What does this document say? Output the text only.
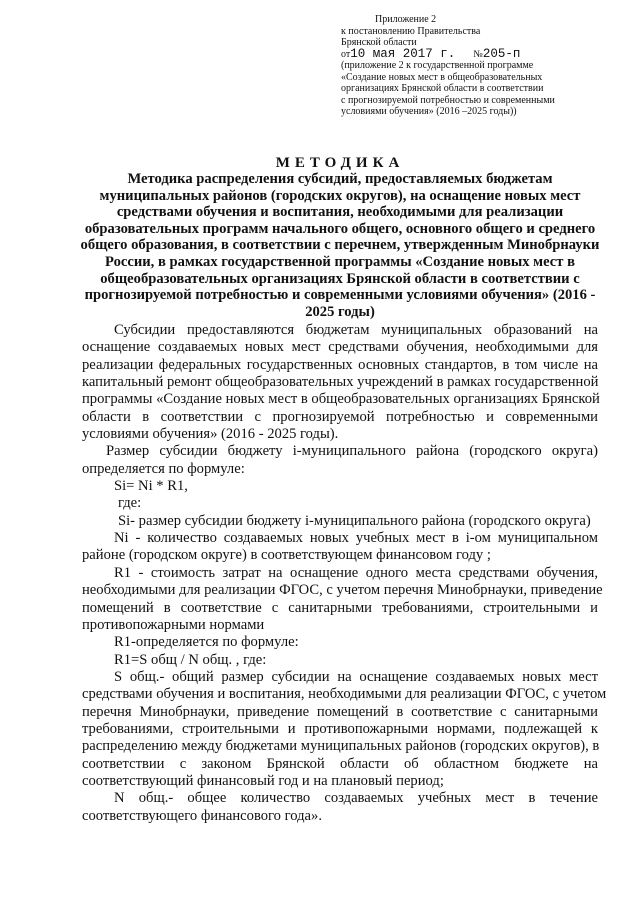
Приложение 2
к постановлению Правительства
Брянской области
от10 мая 2017 г. №205-п
(приложение 2 к государственной программе
«Создание новых мест в общеобразовательных
организациях Брянской области в соответствии
с прогнозируемой потребностью и современными
условиями обучения» (2016 –2025 годы))
МЕТОДИКА
Методика распределения субсидий, предоставляемых бюджетам
муниципальных районов (городских округов), на оснащение новых мест
средствами обучения и воспитания, необходимыми для реализации
образовательных программ начального общего, основного общего и среднего
общего образования, в соответствии с перечнем, утвержденным Минобрнауки
России, в рамках государственной программы «Создание новых мест в
общеобразовательных организациях Брянской области в соответствии с
прогнозируемой потребностью и современными условиями обучения» (2016 -
2025 годы)
Субсидии предоставляются бюджетам муниципальных образований на
оснащение создаваемых новых мест средствами обучения, необходимыми для
реализации федеральных государственных основных стандартов, в том числе на
капитальный ремонт общеобразовательных учреждений в рамках государственной
программы «Создание новых мест в общеобразовательных организациях Брянской
области в соответствии с прогнозируемой потребностью и современными
условиями обучения» (2016 - 2025 годы).
Размер субсидии бюджету i-муниципального района (городского округа)
определяется по формуле:
Si= Ni * R1,
где:
Si- размер субсидии бюджету i-муниципального района (городского округа)
Ni - количество создаваемых новых учебных мест в i-ом муниципальном
районе (городском округе) в соответствующем финансовом году ;
R1 - стоимость затрат на оснащение одного места средствами обучения,
необходимыми для реализации ФГОС, с учетом перечня Минобрнауки, приведение
помещений в соответствие с санитарными требованиями, строительными и
противопожарными нормами
R1-определяется по формуле:
R1=S общ / N общ. , где:
S общ.- общий размер субсидии на оснащение создаваемых новых мест
средствами обучения и воспитания, необходимыми для реализации ФГОС, с учетом
перечня Минобрнауки, приведение помещений в соответствие с санитарными
требованиями, строительными и противопожарными нормами, подлежащей к
распределению между бюджетами муниципальных районов (городских округов), в
соответствии с законом Брянской области об областном бюджете на
соответствующий финансовый год и на плановый период;
N общ.- общее количество создаваемых учебных мест в течение
соответствующего финансового года».
